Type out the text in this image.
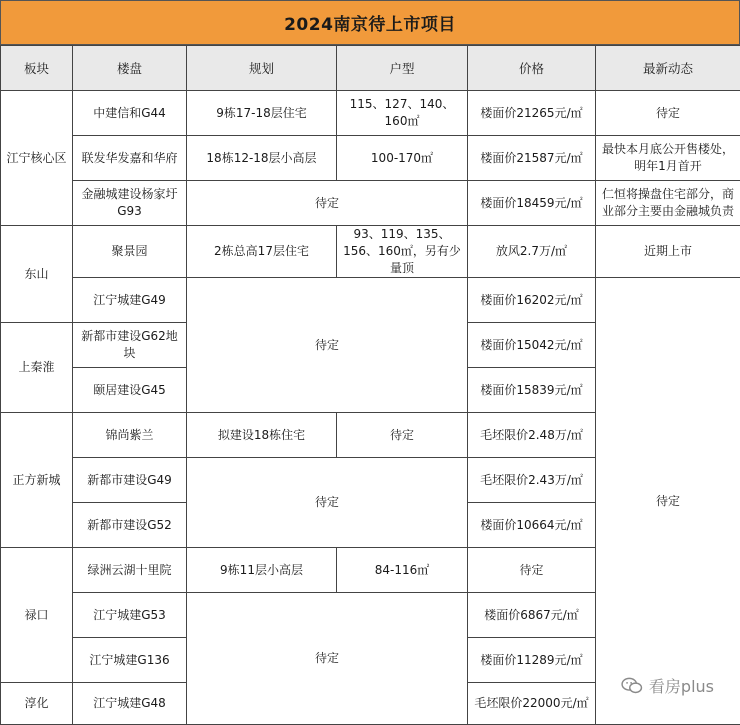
2024南京待上市项目
板块	楼盘	规划	户型	价格	最新动态
江宁核心区	中建信和G44	9栋17-18层住宅	115、127、140、160㎡	楼面价21265元/㎡	待定
	联发华发嘉和华府	18栋12-18层小高层	100-170㎡	楼面价21587元/㎡	最快本月底公开售楼处，明年1月首开
	金融城建设杨家圩G93	待定		楼面价18459元/㎡	仁恒将操盘住宅部分，商业部分主要由金融城负责
东山	聚景园	2栋总高17层住宅	93、119、135、156、160㎡，另有少量顶	放风2.7万/㎡	近期上市
	江宁城建G49	待定		楼面价16202元/㎡	待定
上秦淮	新都市建设G62地块			楼面价15042元/㎡	
	颐居建设G45			楼面价15839元/㎡	
正方新城	锦尚紫兰	拟建设18栋住宅	待定	毛坯限价2.48万/㎡	
	新都市建设G49	待定		毛坯限价2.43万/㎡	
	新都市建设G52			楼面价10664元/㎡	
禄口	绿洲云湖十里院	9栋11层小高层	84-116㎡	待定	
	江宁城建G53	待定		楼面价6867元/㎡	
	江宁城建G136			楼面价11289元/㎡	
淳化	江宁城建G48			毛坯限价22000元/㎡	
看房plus
